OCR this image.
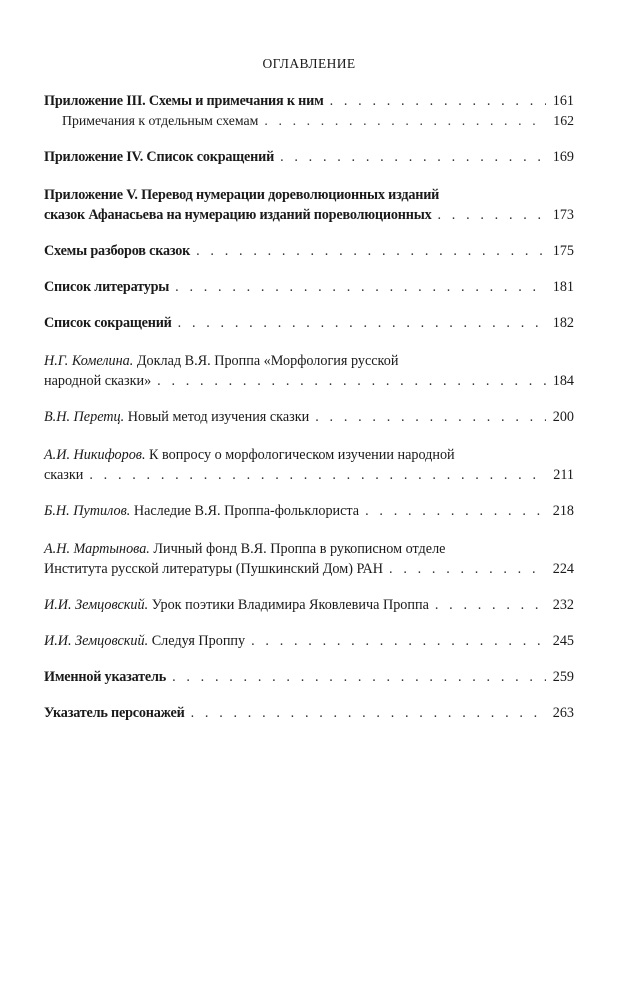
ОГЛАВЛЕНИЕ
Приложение III. Схемы и примечания к ним . . .	161
Примечания к отдельным схемам . . .	162
Приложение IV. Список сокращений . . .	169
Приложение V. Перевод нумерации дореволюционных изданий
сказок Афанасьева на нумерацию изданий пореволюционных . . .	173
Схемы разборов сказок . . .	175
Список литературы . . .	181
Список сокращений . . .	182
Н.Г. Комелина. Доклад В.Я. Проппа «Морфология русской
народной сказки» . . .	184
В.Н. Перетц. Новый метод изучения сказки . . .	200
А.И. Никифоров. К вопросу о морфологическом изучении народной
сказки . . .	211
Б.Н. Путилов. Наследие В.Я. Проппа-фольклориста . . .	218
А.Н. Мартынова. Личный фонд В.Я. Проппа в рукописном отделе
Института русской литературы (Пушкинский Дом) РАН . . .	224
И.И. Земцовский. Урок поэтики Владимира Яковлевича Проппа . . .	232
И.И. Земцовский. Следуя Проппу . . .	245
Именной указатель . . .	259
Указатель персонажей . . .	263
